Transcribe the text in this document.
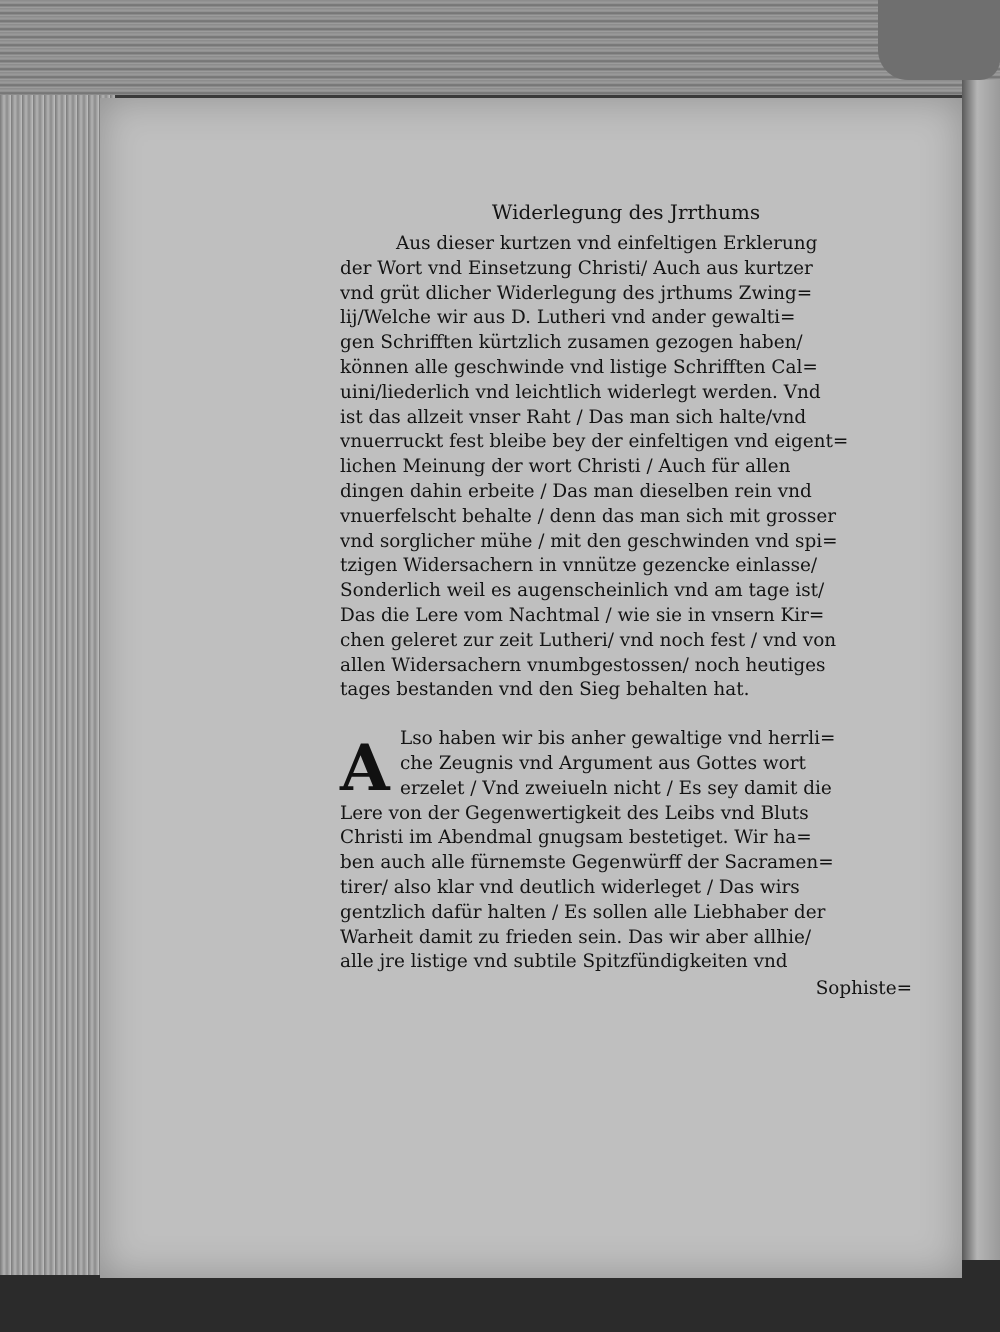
Widerlegung des Jrrthums
Aus dieser kurtzen vnd einfeltigen Erklerung
der Wort vnd Einsetzung Christi/ Auch aus kurtzer
vnd grüt dlicher Widerlegung des jrthums Zwing=
lij/Welche wir aus D. Lutheri vnd ander gewalti=
gen Schrifften kürtzlich zusamen gezogen haben/
können alle geschwinde vnd listige Schrifften Cal=
uini/liederlich vnd leichtlich widerlegt werden. Vnd
ist das allzeit vnser Raht / Das man sich halte/vnd
vnuerruckt fest bleibe bey der einfeltigen vnd eigent=
lichen Meinung der wort Christi / Auch für allen
dingen dahin erbeite / Das man dieselben rein vnd
vnuerfelscht behalte / denn das man sich mit grosser
vnd sorglicher mühe / mit den geschwinden vnd spi=
tzigen Widersachern in vnnütze gezencke einlasse/
Sonderlich weil es augenscheinlich vnd am tage ist/
Das die Lere vom Nachtmal / wie sie in vnsern Kir=
chen geleret zur zeit Lutheri/ vnd noch fest / vnd von
allen Widersachern vnumbgestossen/ noch heutiges
tages bestanden vnd den Sieg behalten hat.
A Lso haben wir bis anher gewaltige vnd herrli=
che Zeugnis vnd Argument aus Gottes wort
erzelet / Vnd zweiueln nicht / Es sey damit die
Lere von der Gegenwertigkeit des Leibs vnd Bluts
Christi im Abendmal gnugsam bestetiget. Wir ha=
ben auch alle fürnemste Gegenwürff der Sacramen=
tirer/ also klar vnd deutlich widerleget / Das wirs
gentzlich dafür halten / Es sollen alle Liebhaber der
Warheit damit zu frieden sein. Das wir aber allhie/
alle jre listige vnd subtile Spitzfündigkeiten vnd
Sophiste=
